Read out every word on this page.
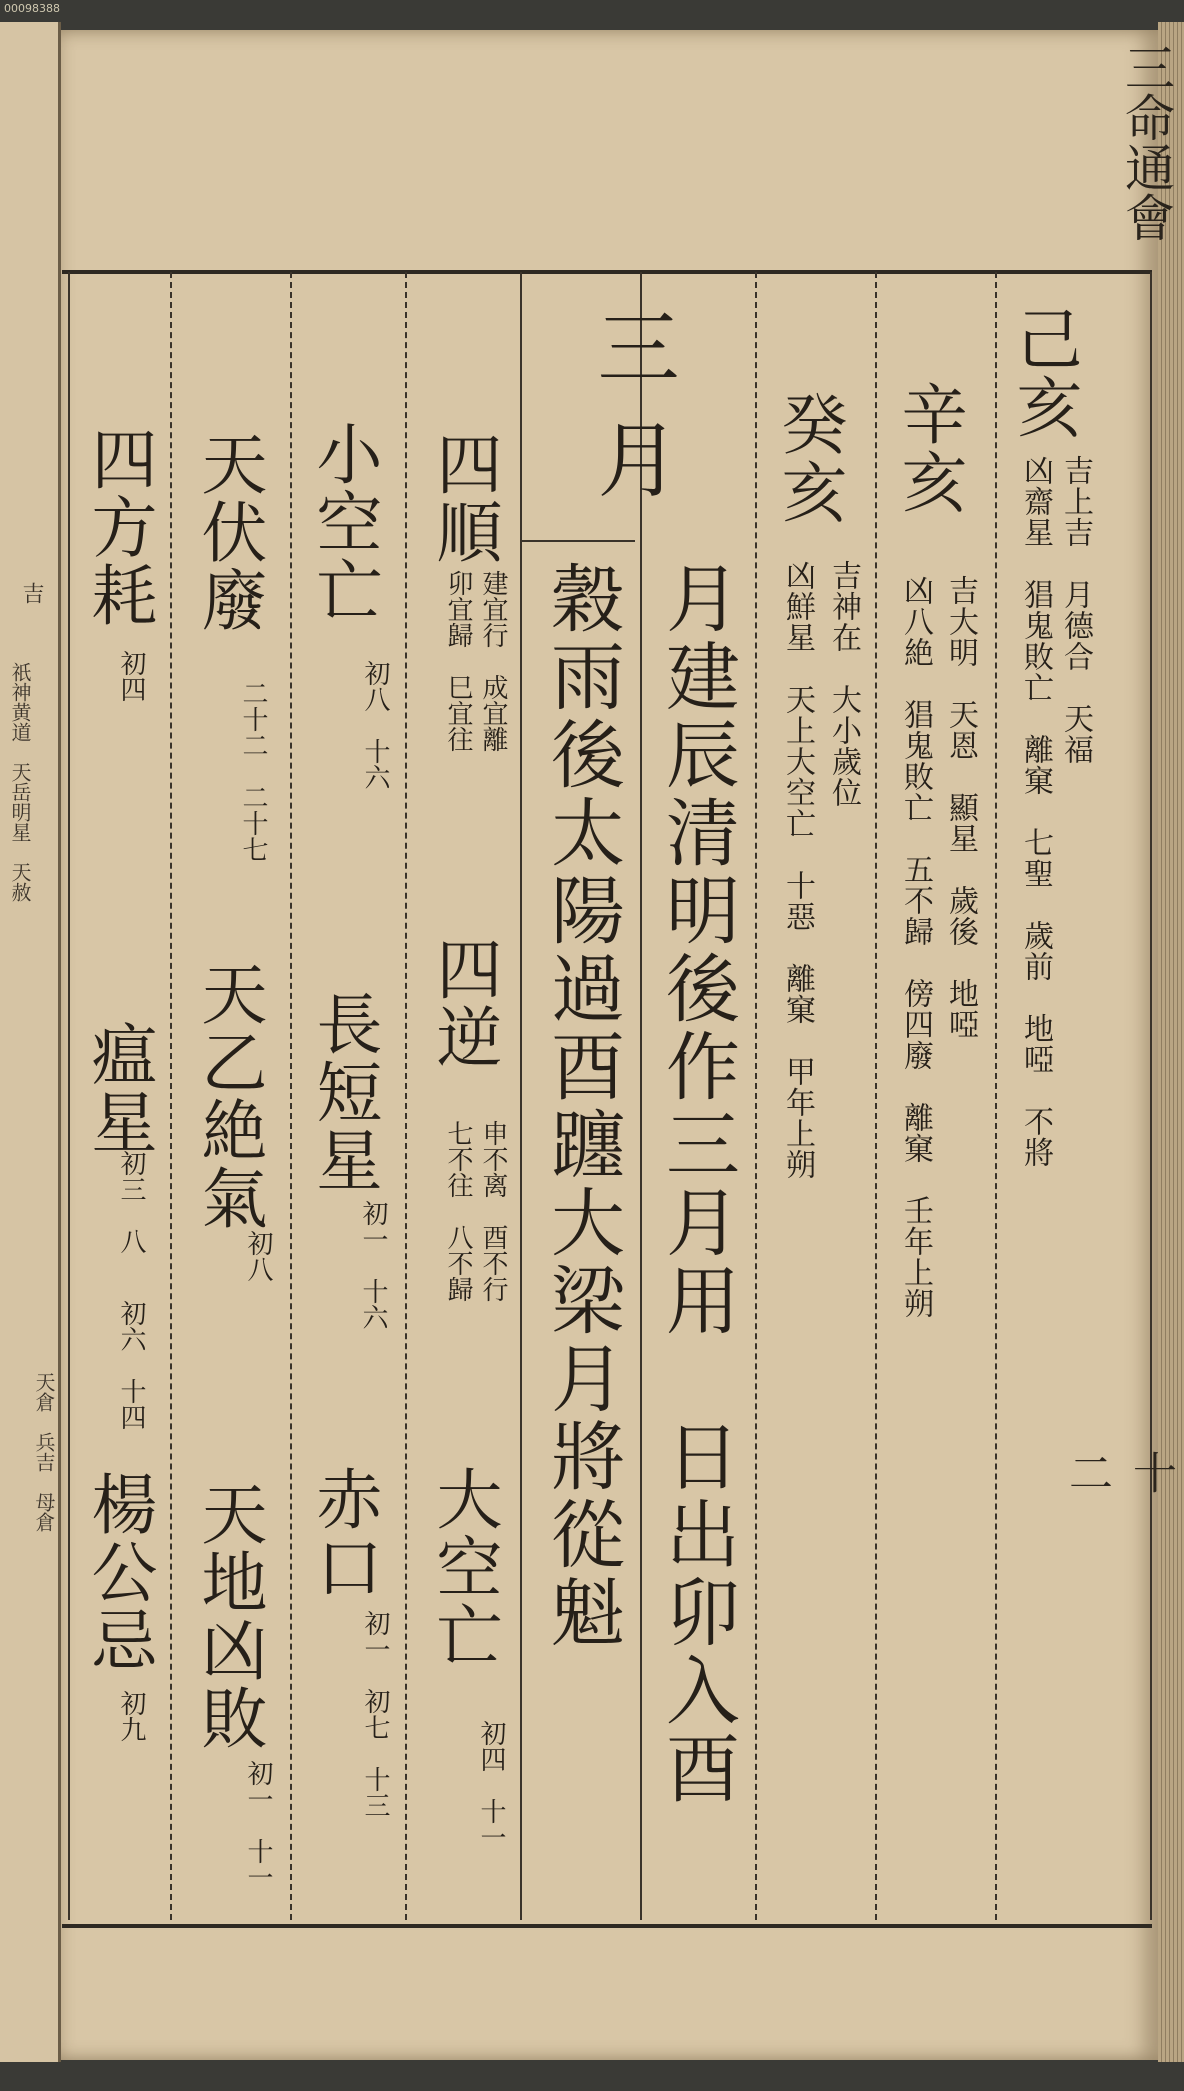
00098388
吉
祇神黄道　天岳明星　天赦
天倉　兵吉　母倉
三命通會
十二
己亥
吉上吉　月德合　天福
凶齋星　猖鬼敗亡　離窠　七聖　歲前　地啞　不將
辛亥
吉大明　天恩　顯星　歲後　地啞
凶八絶　猖鬼敗亡　五不歸　傍四廢　離窠　壬年上朔
癸亥
吉神在　大小歲位
凶鮮星　天上大空亡　十惡　離窠　甲年上朔
三月
月建辰清明後作三月用　日出卯入酉
穀雨後太陽過酉躔大梁月將從魁
四順
建宜行　成宜離
卯宜歸　巳宜往
四逆
申不离　酉不行
七不往　八不歸
大空亡
初四　十一
小空亡
初八　十六
長短星
初一　十六
赤口
初一　初七　十三
天伏廢
二十二　二十七
天乙絶氣
初八
天地凶敗
初一　十一
四方耗
初四
瘟星
初三　八
初六　十四
楊公忌
初九
